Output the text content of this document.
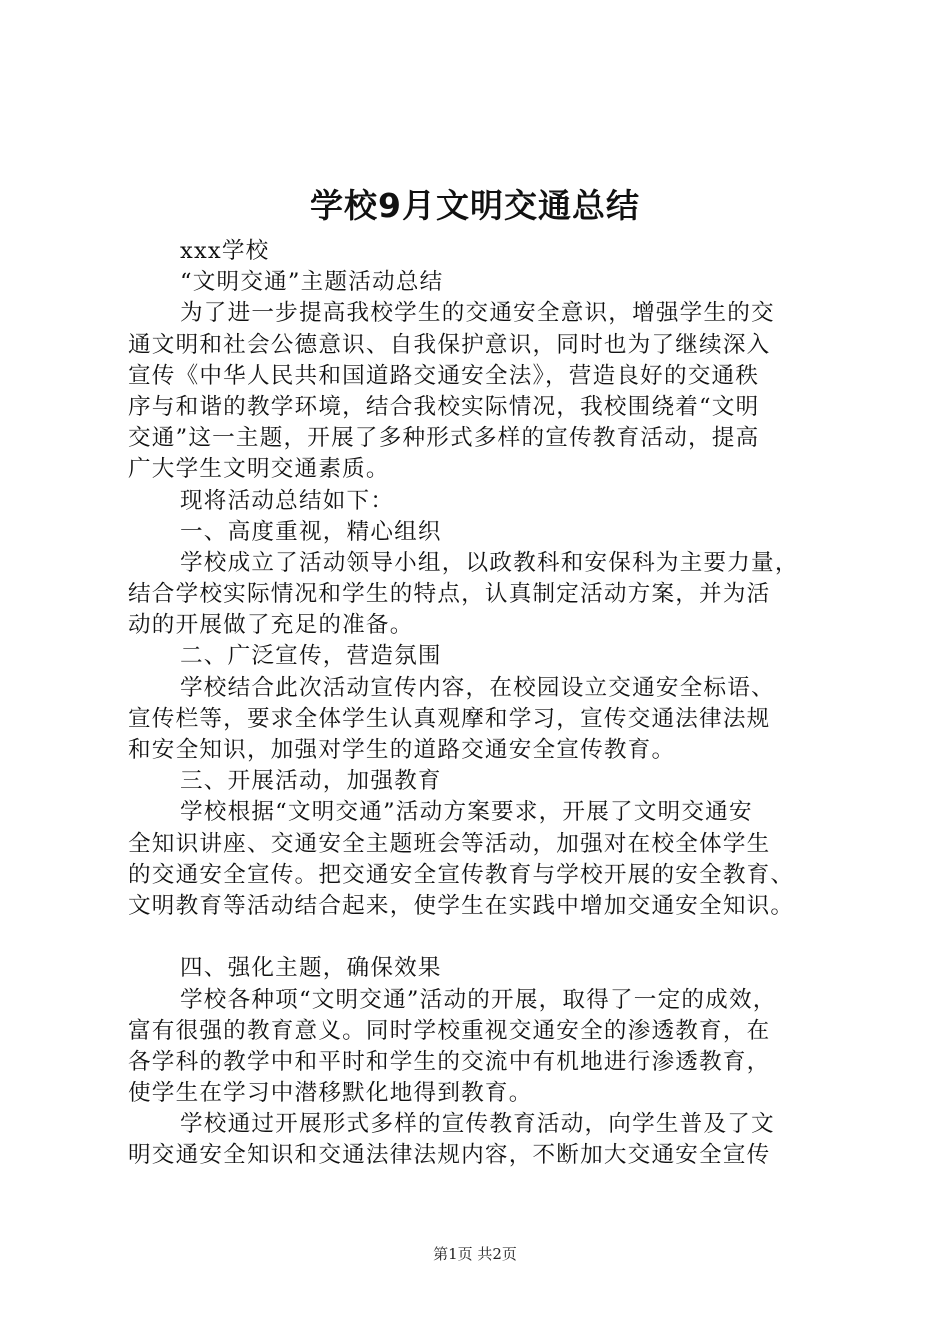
学校9月文明交通总结
xxx学校
“文明交通”主题活动总结
为了进一步提高我校学生的交通安全意识，增强学生的交
通文明和社会公德意识、自我保护意识，同时也为了继续深入
宣传《中华人民共和国道路交通安全法》，营造良好的交通秩
序与和谐的教学环境，结合我校实际情况，我校围绕着“文明
交通”这一主题，开展了多种形式多样的宣传教育活动，提高
广大学生文明交通素质。
现将活动总结如下：
一、高度重视，精心组织
学校成立了活动领导小组，以政教科和安保科为主要力量，
结合学校实际情况和学生的特点，认真制定活动方案，并为活
动的开展做了充足的准备。
二、广泛宣传，营造氛围
学校结合此次活动宣传内容，在校园设立交通安全标语、
宣传栏等，要求全体学生认真观摩和学习，宣传交通法律法规
和安全知识，加强对学生的道路交通安全宣传教育。
三、开展活动，加强教育
学校根据“文明交通”活动方案要求，开展了文明交通安
全知识讲座、交通安全主题班会等活动，加强对在校全体学生
的交通安全宣传。把交通安全宣传教育与学校开展的安全教育、
文明教育等活动结合起来，使学生在实践中增加交通安全知识。
四、强化主题，确保效果
学校各种项“文明交通”活动的开展，取得了一定的成效，
富有很强的教育意义。同时学校重视交通安全的渗透教育，在
各学科的教学中和平时和学生的交流中有机地进行渗透教育，
使学生在学习中潜移默化地得到教育。
学校通过开展形式多样的宣传教育活动，向学生普及了文
明交通安全知识和交通法律法规内容，不断加大交通安全宣传
第1页 共2页
